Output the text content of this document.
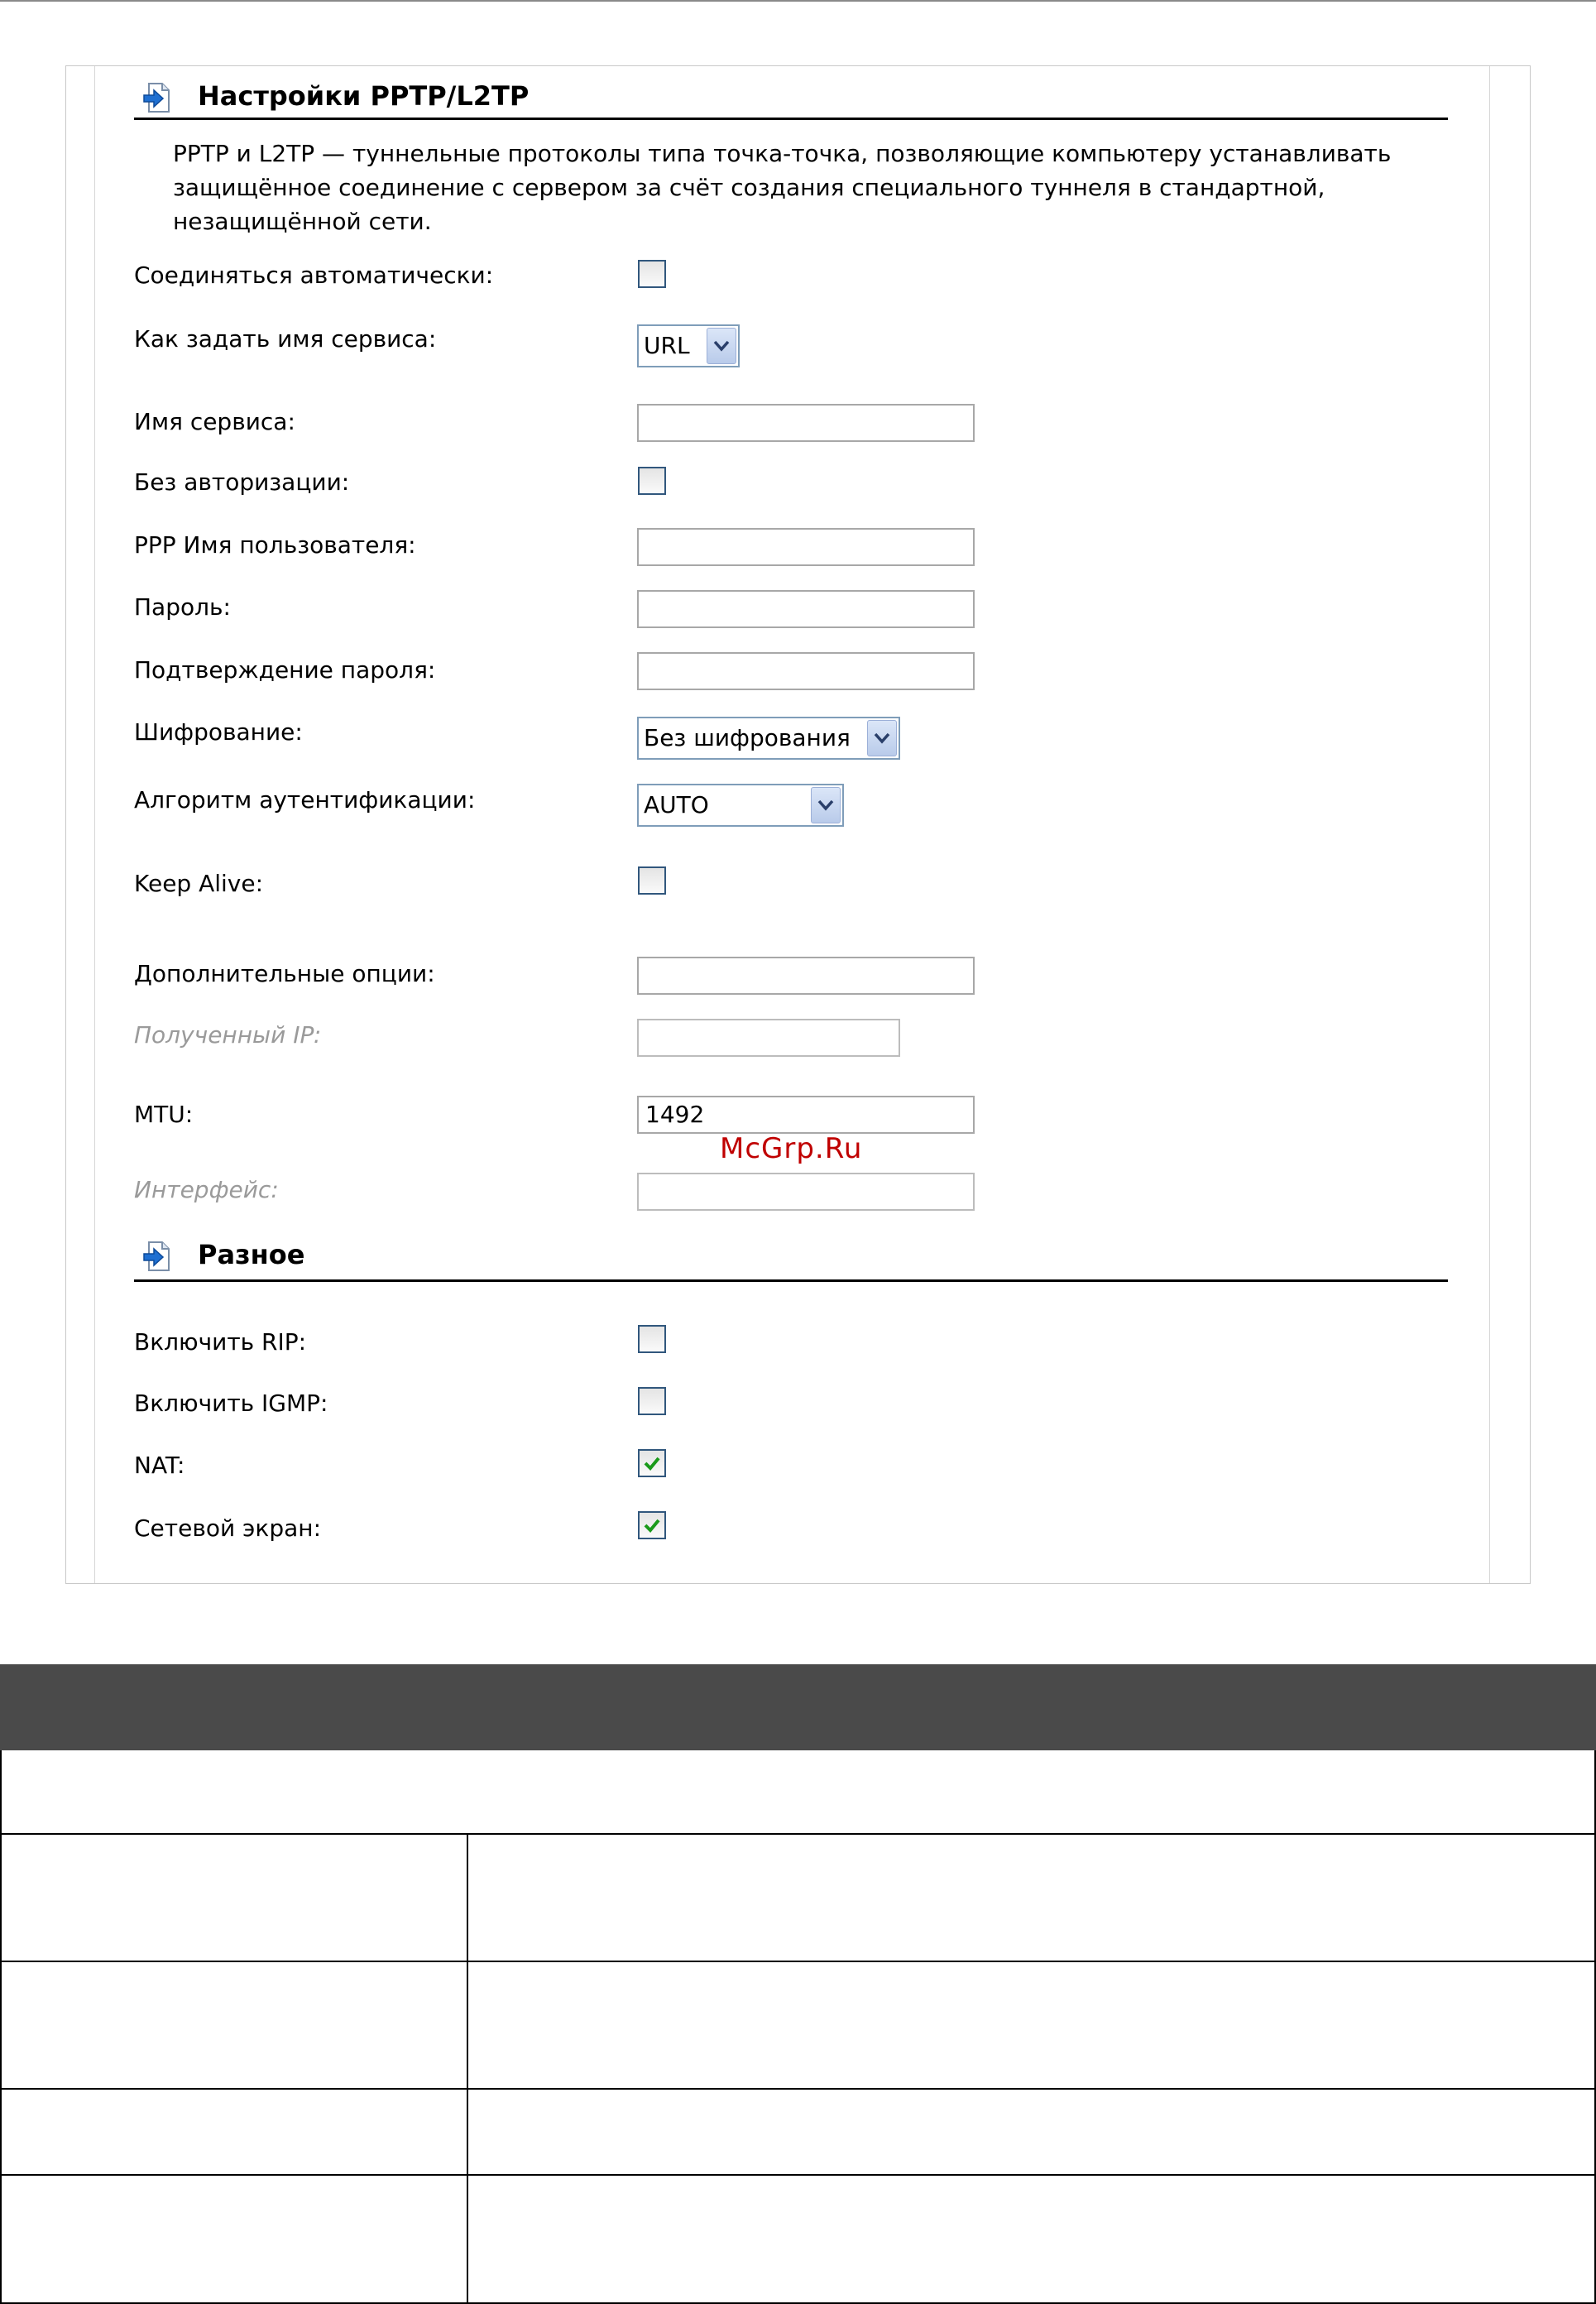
Настройки PPTP/L2TP
PPTP и L2TP — туннельные протоколы типа точка-точка, позволяющие компьютеру устанавливать защищённое соединение с сервером за счёт создания специального туннеля в стандартной, незащищённой сети.
Соединяться автоматически:
Как задать имя сервиса:	URL
Имя сервиса:
Без авторизации:
PPP Имя пользователя:
Пароль:
Подтверждение пароля:
Шифрование:	Без шифрования
Алгоритм аутентификации:	AUTO
Keep Alive:
Дополнительные опции:
Полученный IP:
MTU:	1492
Интерфейс:
McGrp.Ru
Разное
Включить RIP:
Включить IGMP:
NAT:
Сетевой экран:
